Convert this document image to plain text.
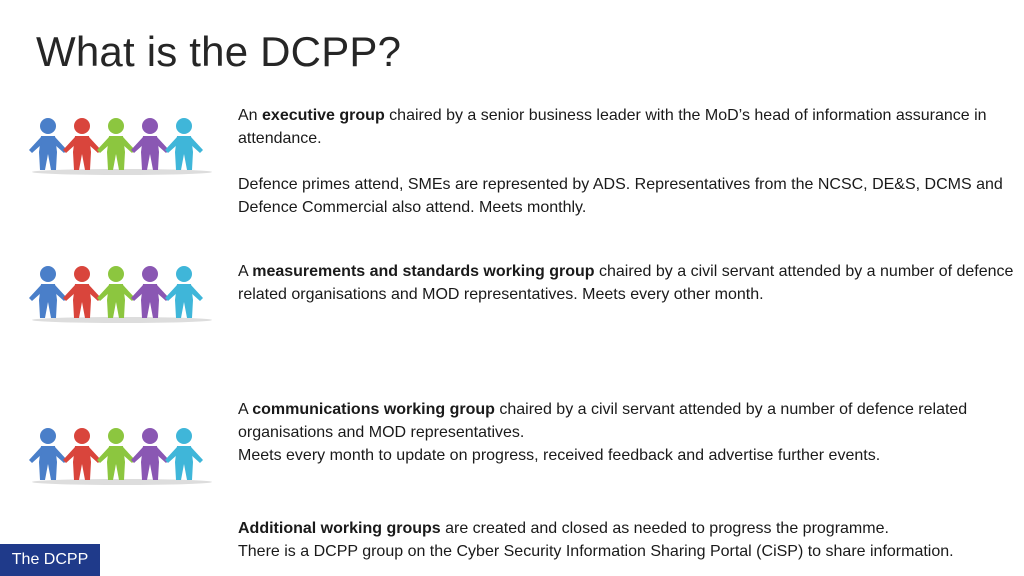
What is the DCPP?

An executive group chaired by a senior business leader with the MoD’s head of information assurance in attendance.

Defence primes attend, SMEs are represented by ADS. Representatives from the NCSC, DE&S, DCMS and Defence Commercial also attend. Meets monthly.

A measurements and standards working group chaired by a civil servant attended by a number of defence related organisations and MOD representatives. Meets every other month.

A communications working group chaired by a civil servant attended by a number of defence related organisations and MOD representatives.

Meets every month to update on progress, received feedback and advertise further events.

Additional working groups are created and closed as needed to progress the programme.

There is a DCPP group on the Cyber Security Information Sharing Portal (CiSP) to share information.

The DCPP
